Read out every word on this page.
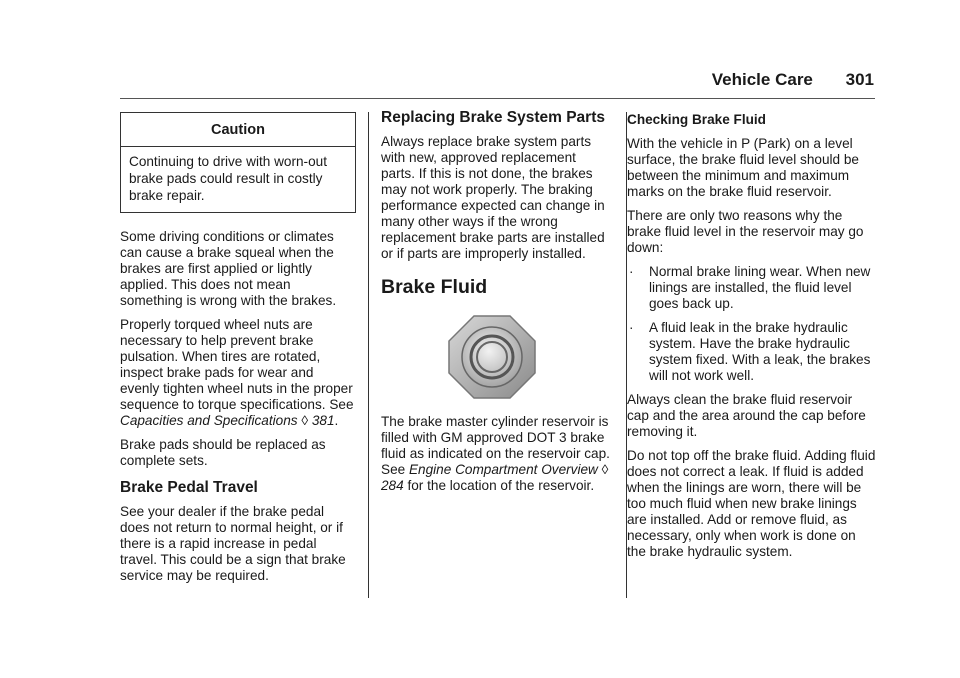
Vehicle Care 301
Caution
Continuing to drive with worn-out brake pads could result in costly brake repair.

Some driving conditions or climates can cause a brake squeal when the brakes are first applied or lightly applied. This does not mean something is wrong with the brakes.

Properly torqued wheel nuts are necessary to help prevent brake pulsation. When tires are rotated, inspect brake pads for wear and evenly tighten wheel nuts in the proper sequence to torque specifications. See Capacities and Specifications ◊ 381.

Brake pads should be replaced as complete sets.

Brake Pedal Travel

See your dealer if the brake pedal does not return to normal height, or if there is a rapid increase in pedal travel. This could be a sign that brake service may be required.

Replacing Brake System Parts

Always replace brake system parts with new, approved replacement parts. If this is not done, the brakes may not work properly. The braking performance expected can change in many other ways if the wrong replacement brake parts are installed or if parts are improperly installed.

Brake Fluid

The brake master cylinder reservoir is filled with GM approved DOT 3 brake fluid as indicated on the reservoir cap. See Engine Compartment Overview ◊ 284 for the location of the reservoir.

Checking Brake Fluid

With the vehicle in P (Park) on a level surface, the brake fluid level should be between the minimum and maximum marks on the brake fluid reservoir.

There are only two reasons why the brake fluid level in the reservoir may go down:

· Normal brake lining wear. When new linings are installed, the fluid level goes back up.
· A fluid leak in the brake hydraulic system. Have the brake hydraulic system fixed. With a leak, the brakes will not work well.

Always clean the brake fluid reservoir cap and the area around the cap before removing it.

Do not top off the brake fluid. Adding fluid does not correct a leak. If fluid is added when the linings are worn, there will be too much fluid when new brake linings are installed. Add or remove fluid, as necessary, only when work is done on the brake hydraulic system.
